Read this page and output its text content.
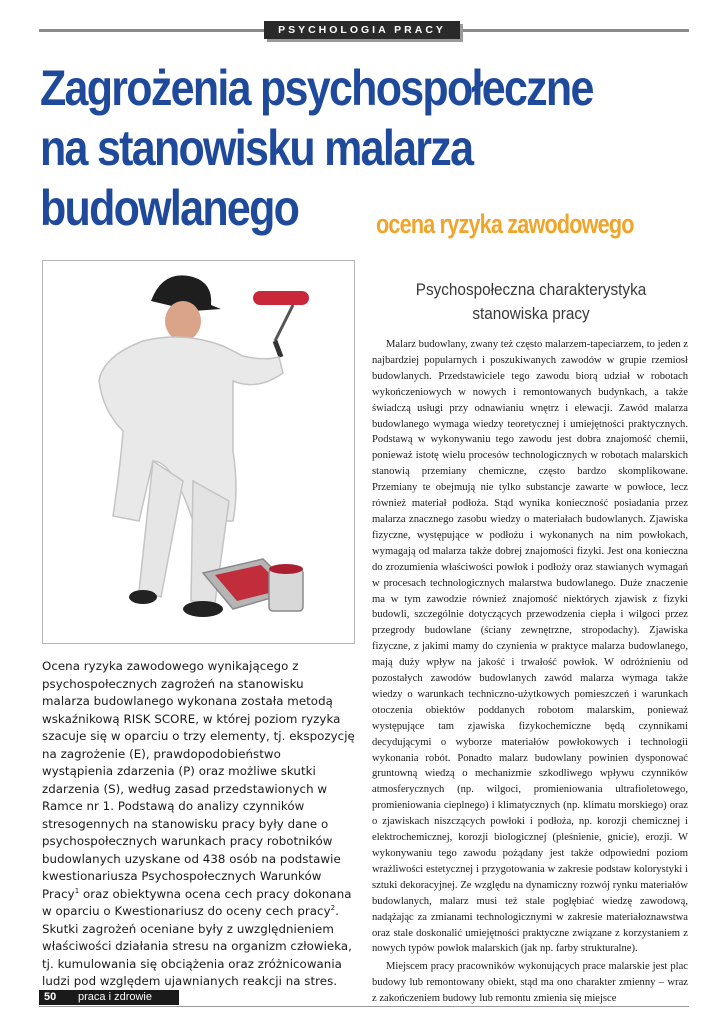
PSYCHOLOGIA PRACY
Zagrożenia psychospołeczne
na stanowisku malarza
budowlanego	ocena ryzyka zawodowego
Ocena ryzyka zawodowego wynikającego z psychospołecznych zagrożeń na stanowisku malarza budowlanego wykonana została metodą wskaźnikową RISK SCORE, w której poziom ryzyka szacuje się w oparciu o trzy elementy, tj. ekspozycję na zagrożenie (E), prawdopodobieństwo wystąpienia zdarzenia (P) oraz możliwe skutki zdarzenia (S), według zasad przedstawionych w Ramce nr 1. Podstawą do analizy czynników stresogennych na stanowisku pracy były dane o psychospołecznych warunkach pracy robotników budowlanych uzyskane od 438 osób na podstawie kwestionariusza Psychospołecznych Warunków Pracy$^1$ oraz obiektywna ocena cech pracy dokonana w oparciu o Kwestionariusz do oceny cech pracy$^2$. Skutki zagrożeń oceniane były z uwzględnieniem właściwości działania stresu na organizm człowieka, tj. kumulowania się obciążenia oraz zróżnicowania ludzi pod względem ujawnianych reakcji na stres.
Psychospołeczna charakterystyka
stanowiska pracy

Malarz budowlany, zwany też często malarzem-tapeciarzem, to jeden z najbardziej popularnych i poszukiwanych zawodów w grupie rzemiosł budowlanych. Przedstawiciele tego zawodu biorą udział w robotach wykończeniowych w nowych i remontowanych budynkach, a także świadczą usługi przy odnawianiu wnętrz i elewacji. Zawód malarza budowlanego wymaga wiedzy teoretycznej i umiejętności praktycznych. Podstawą w wykonywaniu tego zawodu jest dobra znajomość chemii, ponieważ istotę wielu procesów technologicznych w robotach malarskich stanowią przemiany chemiczne, często bardzo skomplikowane. Przemiany te obejmują nie tylko substancje zawarte w powłoce, lecz również materiał podłoża. Stąd wynika konieczność posiadania przez malarza znacznego zasobu wiedzy o materiałach budowlanych. Zjawiska fizyczne, występujące w podłożu i wykonanych na nim powłokach, wymagają od malarza także dobrej znajomości fizyki. Jest ona konieczna do zrozumienia właściwości powłok i podłoży oraz stawianych wymagań w procesach technologicznych malarstwa budowlanego. Duże znaczenie ma w tym zawodzie również znajomość niektórych zjawisk z fizyki budowli, szczególnie dotyczących przewodzenia ciepła i wilgoci przez przegrody budowlane (ściany zewnętrzne, stropodachy). Zjawiska fizyczne, z jakimi mamy do czynienia w praktyce malarza budowlanego, mają duży wpływ na jakość i trwałość powłok. W odróżnieniu od pozostałych zawodów budowlanych zawód malarza wymaga także wiedzy o warunkach techniczno-użytkowych pomieszczeń i warunkach otoczenia obiektów poddanych robotom malarskim, ponieważ występujące tam zjawiska fizykochemiczne będą czynnikami decydującymi o wyborze materiałów powłokowych i technologii wykonania robót. Ponadto malarz budowlany powinien dysponować gruntowną wiedzą o mechanizmie szkodliwego wpływu czynników atmosferycznych (np. wilgoci, promieniowania ultrafioletowego, promieniowania cieplnego) i klimatycznych (np. klimatu morskiego) oraz o zjawiskach niszczących powłoki i podłoża, np. korozji chemicznej i elektrochemicznej, korozji biologicznej (pleśnienie, gnicie), erozji. W wykonywaniu tego zawodu pożądany jest także odpowiedni poziom wrażliwości estetycznej i przygotowania w zakresie podstaw kolorystyki i sztuki dekoracyjnej. Ze względu na dynamiczny rozwój rynku materiałów budowlanych, malarz musi też stale pogłębiać wiedzę zawodową, nadążając za zmianami technologicznymi w zakresie materiałoznawstwa oraz stale doskonalić umiejętności praktyczne związane z korzystaniem z nowych typów powłok malarskich (jak np. farby strukturalne).

Miejscem pracy pracowników wykonujących prace malarskie jest plac budowy lub remontowany obiekt, stąd ma ono charakter zmienny – wraz z zakończeniem budowy lub remontu zmienia się miejsce

50 praca i zdrowie
